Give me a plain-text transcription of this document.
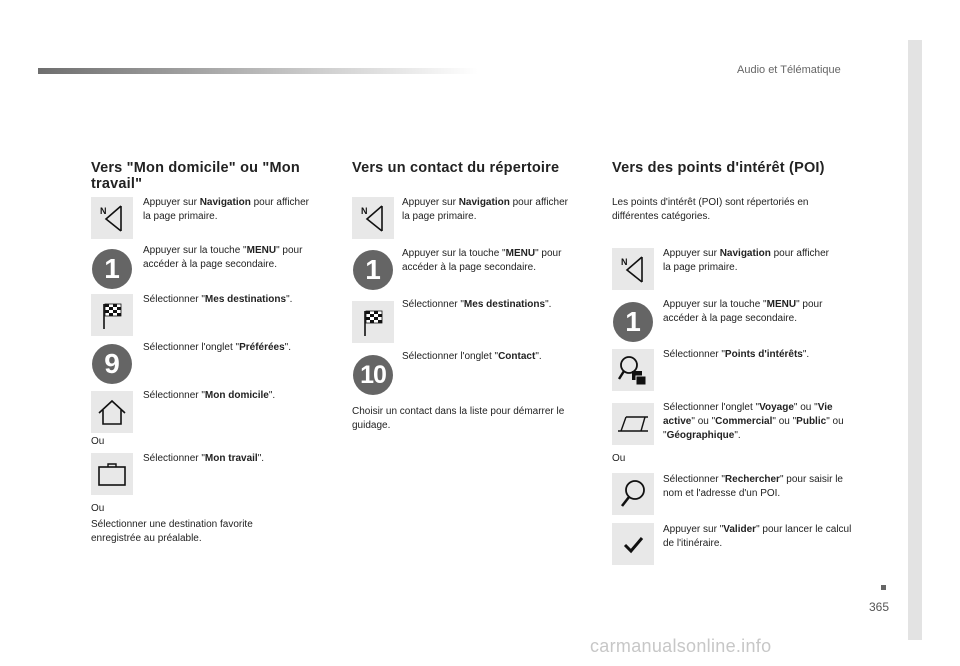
Audio et Télématique
365
Vers "Mon domicile" ou "Mon travail"
N
Appuyer sur Navigation pour afficher la page primaire.
1
Appuyer sur la touche "MENU" pour accéder à la page secondaire.
Sélectionner "Mes destinations".
9
Sélectionner l'onglet "Préférées".
Sélectionner "Mon domicile".
Ou
Sélectionner "Mon travail".
Ou
Sélectionner une destination favorite enregistrée au préalable.
Vers un contact du répertoire
N
Appuyer sur Navigation pour afficher la page primaire.
1
Appuyer sur la touche "MENU" pour accéder à la page secondaire.
Sélectionner "Mes destinations".
10
Sélectionner l'onglet "Contact".
Choisir un contact dans la liste pour démarrer le guidage.
Vers des points d'intérêt (POI)
Les points d'intérêt (POI) sont répertoriés en différentes catégories.
N
Appuyer sur Navigation pour afficher la page primaire.
1
Appuyer sur la touche "MENU" pour accéder à la page secondaire.
Sélectionner "Points d'intérêts".
Sélectionner l'onglet "Voyage" ou "Vie active" ou "Commercial" ou "Public" ou "Géographique".
Ou
Sélectionner "Rechercher" pour saisir le nom et l'adresse d'un POI.
Appuyer sur "Valider" pour lancer le calcul de l'itinéraire.
carmanualsonline.info
